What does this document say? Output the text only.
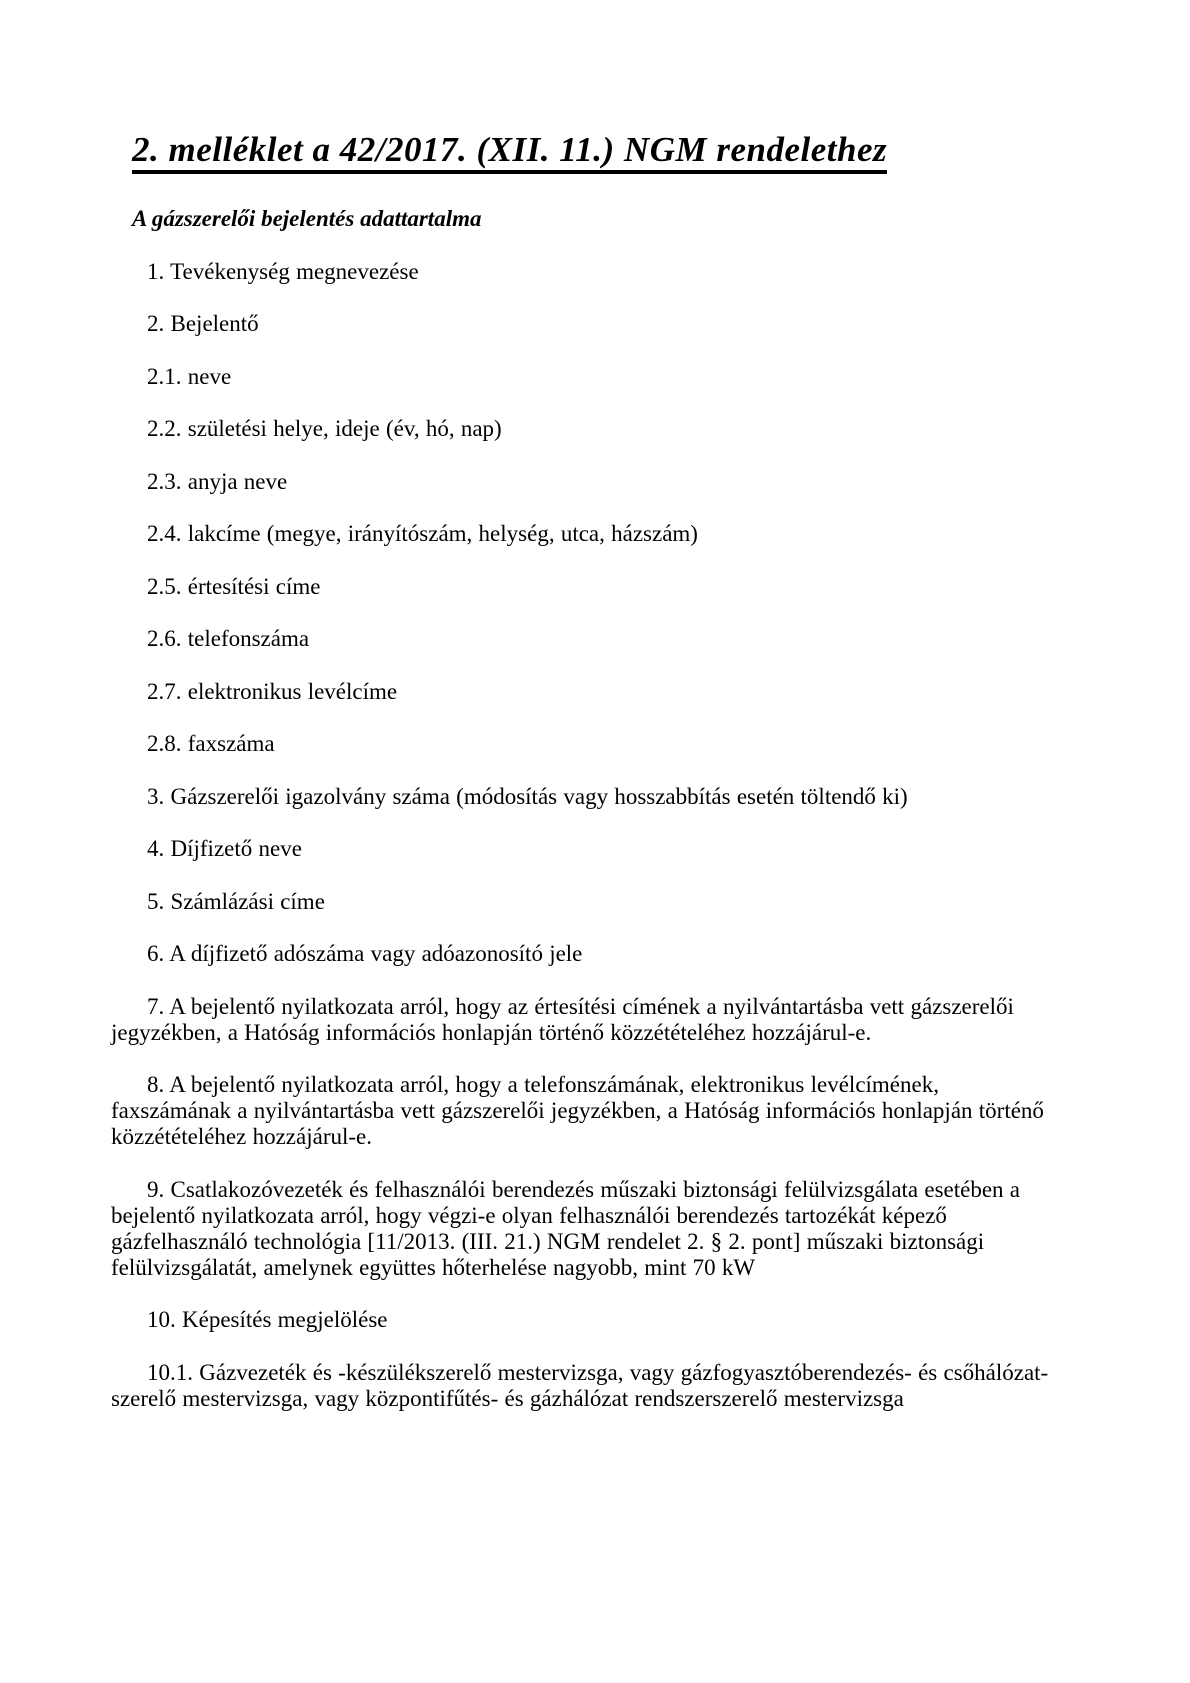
2. melléklet a 42/2017. (XII. 11.) NGM rendelethez
A gázszerelői bejelentés adattartalma

1. Tevékenység megnevezése

2. Bejelentő

2.1. neve

2.2. születési helye, ideje (év, hó, nap)

2.3. anyja neve

2.4. lakcíme (megye, irányítószám, helység, utca, házszám)

2.5. értesítési címe

2.6. telefonszáma

2.7. elektronikus levélcíme

2.8. faxszáma

3. Gázszerelői igazolvány száma (módosítás vagy hosszabbítás esetén töltendő ki)

4. Díjfizető neve

5. Számlázási címe

6. A díjfizető adószáma vagy adóazonosító jele

7. A bejelentő nyilatkozata arról, hogy az értesítési címének a nyilvántartásba vett gázszerelői jegyzékben, a Hatóság információs honlapján történő közzétételéhez hozzájárul-e.

8. A bejelentő nyilatkozata arról, hogy a telefonszámának, elektronikus levélcímének, faxszámának a nyilvántartásba vett gázszerelői jegyzékben, a Hatóság információs honlapján történő közzétételéhez hozzájárul-e.

9. Csatlakozóvezeték és felhasználói berendezés műszaki biztonsági felülvizsgálata esetében a bejelentő nyilatkozata arról, hogy végzi-e olyan felhasználói berendezés tartozékát képező gázfelhasználó technológia [11/2013. (III. 21.) NGM rendelet 2. § 2. pont] műszaki biztonsági felülvizsgálatát, amelynek együttes hőterhelése nagyobb, mint 70 kW

10. Képesítés megjelölése

10.1. Gázvezeték és -készülékszerelő mestervizsga, vagy gázfogyasztóberendezés- és csőhálózat-szerelő mestervizsga, vagy központifűtés- és gázhálózat rendszerszerelő mestervizsga
